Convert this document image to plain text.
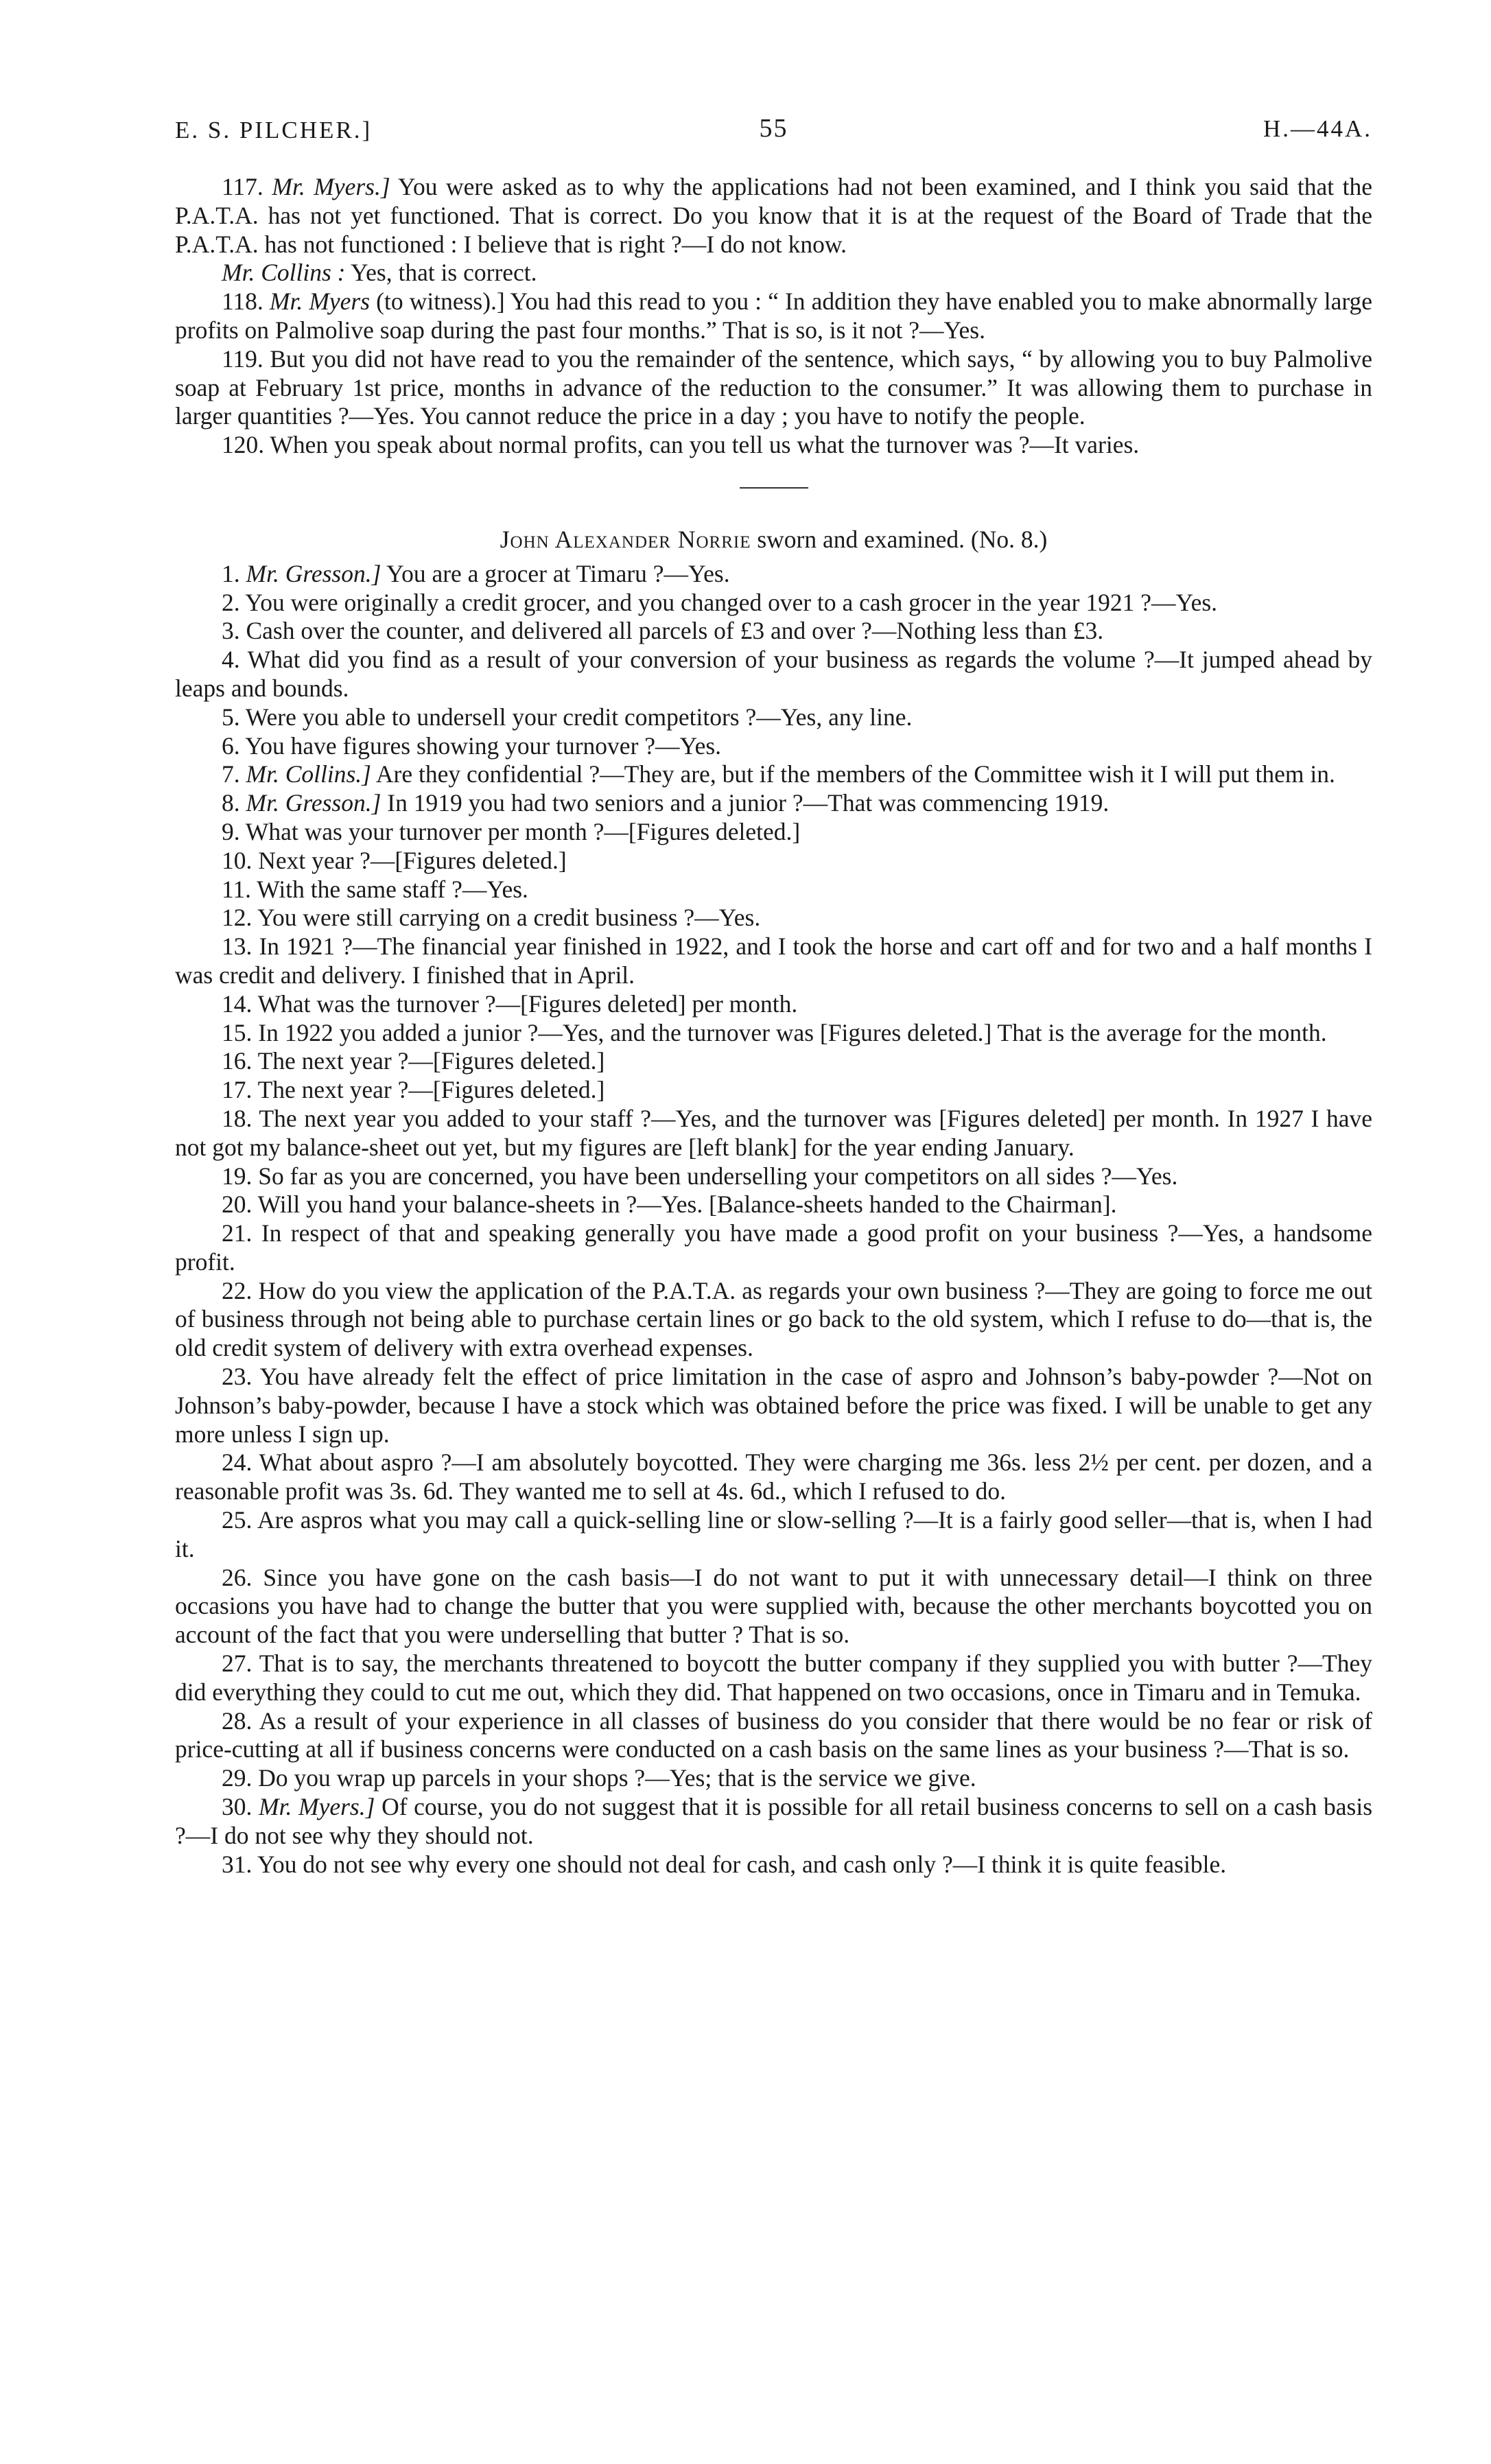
E. S. PILCHER.]	55	H.—44A.

117. Mr. Myers.] You were asked as to why the applications had not been examined, and I think you said that the P.A.T.A. has not yet functioned. That is correct. Do you know that it is at the request of the Board of Trade that the P.A.T.A. has not functioned : I believe that is right ?—I do not know.

Mr. Collins : Yes, that is correct.

118. Mr. Myers (to witness).] You had this read to you : “ In addition they have enabled you to make abnormally large profits on Palmolive soap during the past four months.” That is so, is it not ?—Yes.

119. But you did not have read to you the remainder of the sentence, which says, “ by allowing you to buy Palmolive soap at February 1st price, months in advance of the reduction to the consumer.” It was allowing them to purchase in larger quantities ?—Yes. You cannot reduce the price in a day ; you have to notify the people.

120. When you speak about normal profits, can you tell us what the turnover was ?—It varies.

John Alexander Norrie sworn and examined. (No. 8.)

1. Mr. Gresson.] You are a grocer at Timaru ?—Yes.

2. You were originally a credit grocer, and you changed over to a cash grocer in the year 1921 ?—Yes.

3. Cash over the counter, and delivered all parcels of £3 and over ?—Nothing less than £3.

4. What did you find as a result of your conversion of your business as regards the volume ?—It jumped ahead by leaps and bounds.

5. Were you able to undersell your credit competitors ?—Yes, any line.

6. You have figures showing your turnover ?—Yes.

7. Mr. Collins.] Are they confidential ?—They are, but if the members of the Committee wish it I will put them in.

8. Mr. Gresson.] In 1919 you had two seniors and a junior ?—That was commencing 1919.

9. What was your turnover per month ?—[Figures deleted.]

10. Next year ?—[Figures deleted.]

11. With the same staff ?—Yes.

12. You were still carrying on a credit business ?—Yes.

13. In 1921 ?—The financial year finished in 1922, and I took the horse and cart off and for two and a half months I was credit and delivery. I finished that in April.

14. What was the turnover ?—[Figures deleted] per month.

15. In 1922 you added a junior ?—Yes, and the turnover was [Figures deleted.] That is the average for the month.

16. The next year ?—[Figures deleted.]

17. The next year ?—[Figures deleted.]

18. The next year you added to your staff ?—Yes, and the turnover was [Figures deleted] per month. In 1927 I have not got my balance-sheet out yet, but my figures are [left blank] for the year ending January.

19. So far as you are concerned, you have been underselling your competitors on all sides ?—Yes.

20. Will you hand your balance-sheets in ?—Yes. [Balance-sheets handed to the Chairman].

21. In respect of that and speaking generally you have made a good profit on your business ?—Yes, a handsome profit.

22. How do you view the application of the P.A.T.A. as regards your own business ?—They are going to force me out of business through not being able to purchase certain lines or go back to the old system, which I refuse to do—that is, the old credit system of delivery with extra overhead expenses.

23. You have already felt the effect of price limitation in the case of aspro and Johnson’s baby-powder ?—Not on Johnson’s baby-powder, because I have a stock which was obtained before the price was fixed. I will be unable to get any more unless I sign up.

24. What about aspro ?—I am absolutely boycotted. They were charging me 36s. less 2½ per cent. per dozen, and a reasonable profit was 3s. 6d. They wanted me to sell at 4s. 6d., which I refused to do.

25. Are aspros what you may call a quick-selling line or slow-selling ?—It is a fairly good seller—that is, when I had it.

26. Since you have gone on the cash basis—I do not want to put it with unnecessary detail—I think on three occasions you have had to change the butter that you were supplied with, because the other merchants boycotted you on account of the fact that you were underselling that butter ? That is so.

27. That is to say, the merchants threatened to boycott the butter company if they supplied you with butter ?—They did everything they could to cut me out, which they did. That happened on two occasions, once in Timaru and in Temuka.

28. As a result of your experience in all classes of business do you consider that there would be no fear or risk of price-cutting at all if business concerns were conducted on a cash basis on the same lines as your business ?—That is so.

29. Do you wrap up parcels in your shops ?—Yes; that is the service we give.

30. Mr. Myers.] Of course, you do not suggest that it is possible for all retail business concerns to sell on a cash basis ?—I do not see why they should not.

31. You do not see why every one should not deal for cash, and cash only ?—I think it is quite feasible.
